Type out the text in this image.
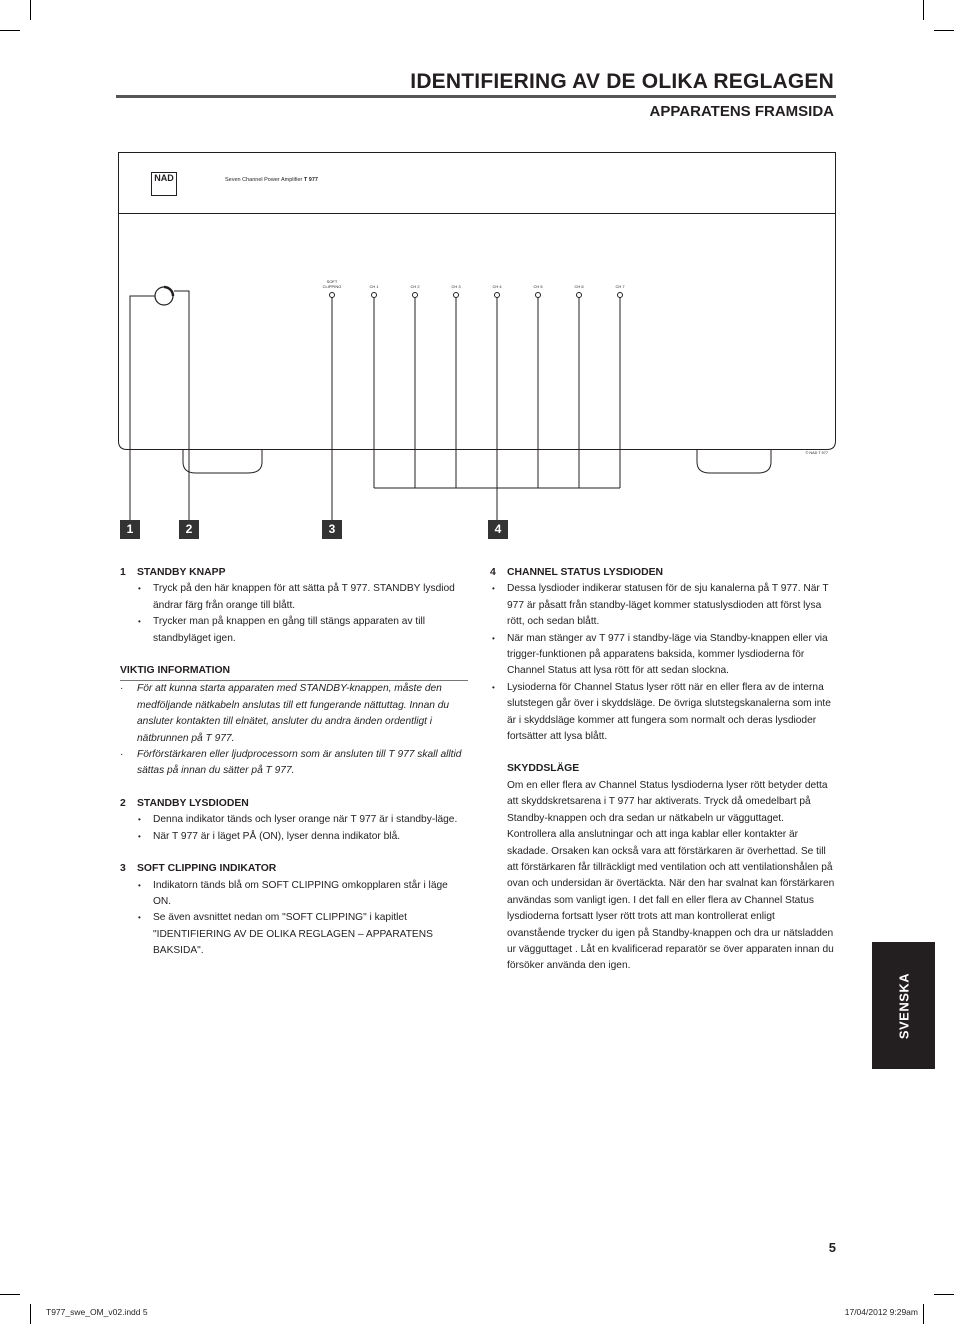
IDENTIFIERING AV DE OLIKA REGLAGEN
APPARATENS FRAMSIDA
NAD	Seven Channel Power Amplifier T 977
SOFT
CLIPPING	CH 1	CH 2	CH 3	CH 4	CH 5	CH 6	CH 7
© NAD T 977
1	2	3	4

1 STANDBY KNAPP

• Tryck på den här knappen för att sätta på T 977. STANDBY lysdiod ändrar färg från orange till blått.
• Trycker man på knappen en gång till stängs apparaten av till standbyläget igen.

VIKTIG INFORMATION

· För att kunna starta apparaten med STANDBY-knappen, måste den medföljande nätkabeln anslutas till ett fungerande nättuttag. Innan du ansluter kontakten till elnätet, ansluter du andra änden ordentligt i nätbrunnen på T 977.
· Förförstärkaren eller ljudprocessorn som är ansluten till T 977 skall alltid sättas på innan du sätter på T 977.

2 STANDBY LYSDIODEN

• Denna indikator tänds och lyser orange när T 977 är i standby-läge.
• När T 977 är i läget PÅ (ON), lyser denna indikator blå.

3 SOFT CLIPPING INDIKATOR

• Indikatorn tänds blå om SOFT CLIPPING omkopplaren står i läge ON.
• Se även avsnittet nedan om "SOFT CLIPPING" i kapitlet "IDENTIFIERING AV DE OLIKA REGLAGEN – APPARATENS BAKSIDA".

4 CHANNEL STATUS LYSDIODEN

• Dessa lysdioder indikerar statusen för de sju kanalerna på T 977. När T 977 är påsatt från standby-läget kommer statuslysdioden att först lysa rött, och sedan blått.
• När man stänger av T 977 i standby-läge via Standby-knappen eller via trigger-funktionen på apparatens baksida, kommer lysdioderna för Channel Status att lysa rött för att sedan slockna.
• Lysioderna för Channel Status lyser rött när en eller flera av de interna slutstegen går över i skyddsläge. De övriga slutstegskanalerna som inte är i skyddsläge kommer att fungera som normalt och deras lysdioder fortsätter att lysa blått.

SKYDDSLÄGE

Om en eller flera av Channel Status lysdioderna lyser rött betyder detta att skyddskretsarena i T 977 har aktiverats. Tryck då omedelbart på Standby-knappen och dra sedan ur nätkabeln ur vägguttaget. Kontrollera alla anslutningar och att inga kablar eller kontakter är skadade. Orsaken kan också vara att förstärkaren är överhettad. Se till att förstärkaren får tillräckligt med ventilation och att ventilationshålen på ovan och undersidan är övertäckta. När den har svalnat kan förstärkaren användas som vanligt igen. I det fall en eller flera av Channel Status lysdioderna fortsatt lyser rött trots att man kontrollerat enligt ovanstående trycker du igen på Standby-knappen och dra ur nätsladden ur vägguttaget . Låt en kvalificerad reparatör se över apparaten innan du försöker använda den igen.

SVENSKA
5
T977_swe_OM_v02.indd 5	17/04/2012 9:29am
